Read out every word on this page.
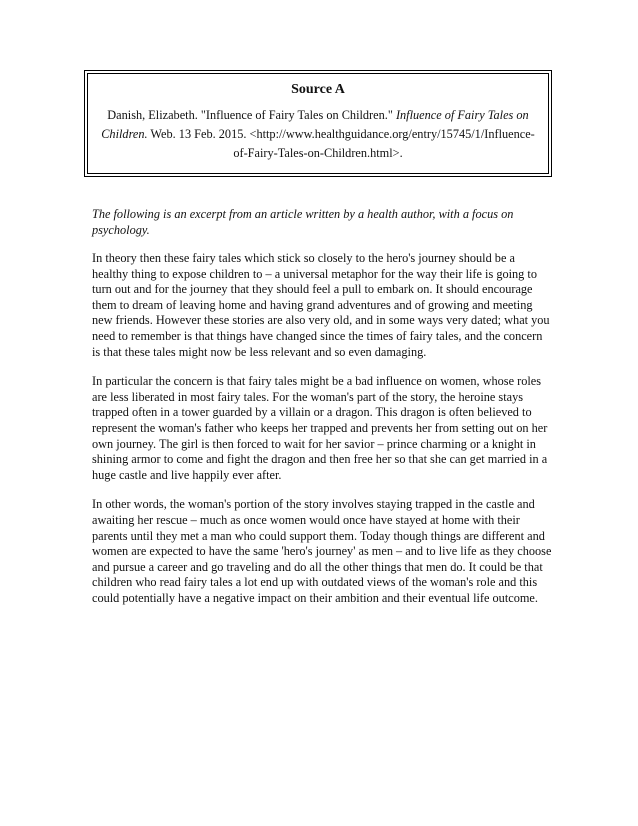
Source A

Danish, Elizabeth. "Influence of Fairy Tales on Children." Influence of Fairy Tales on
Children. Web. 13 Feb. 2015. <http://www.healthguidance.org/entry/15745/1/Influence-of-Fairy-Tales-on-Children.html>.

The following is an excerpt from an article written by a health author, with a focus on psychology.

In theory then these fairy tales which stick so closely to the hero's journey should be a healthy thing to expose children to – a universal metaphor for the way their life is going to turn out and for the journey that they should feel a pull to embark on. It should encourage them to dream of leaving home and having grand adventures and of growing and meeting new friends. However these stories are also very old, and in some ways very dated; what you need to remember is that things have changed since the times of fairy tales, and the concern is that these tales might now be less relevant and so even damaging.

In particular the concern is that fairy tales might be a bad influence on women, whose roles are less liberated in most fairy tales. For the woman's part of the story, the heroine stays trapped often in a tower guarded by a villain or a dragon. This dragon is often believed to represent the woman's father who keeps her trapped and prevents her from setting out on her own journey. The girl is then forced to wait for her savior – prince charming or a knight in shining armor to come and fight the dragon and then free her so that she can get married in a huge castle and live happily ever after.

In other words, the woman's portion of the story involves staying trapped in the castle and awaiting her rescue – much as once women would once have stayed at home with their parents until they met a man who could support them. Today though things are different and women are expected to have the same 'hero's journey' as men – and to live life as they choose and pursue a career and go traveling and do all the other things that men do. It could be that children who read fairy tales a lot end up with outdated views of the woman's role and this could potentially have a negative impact on their ambition and their eventual life outcome.
